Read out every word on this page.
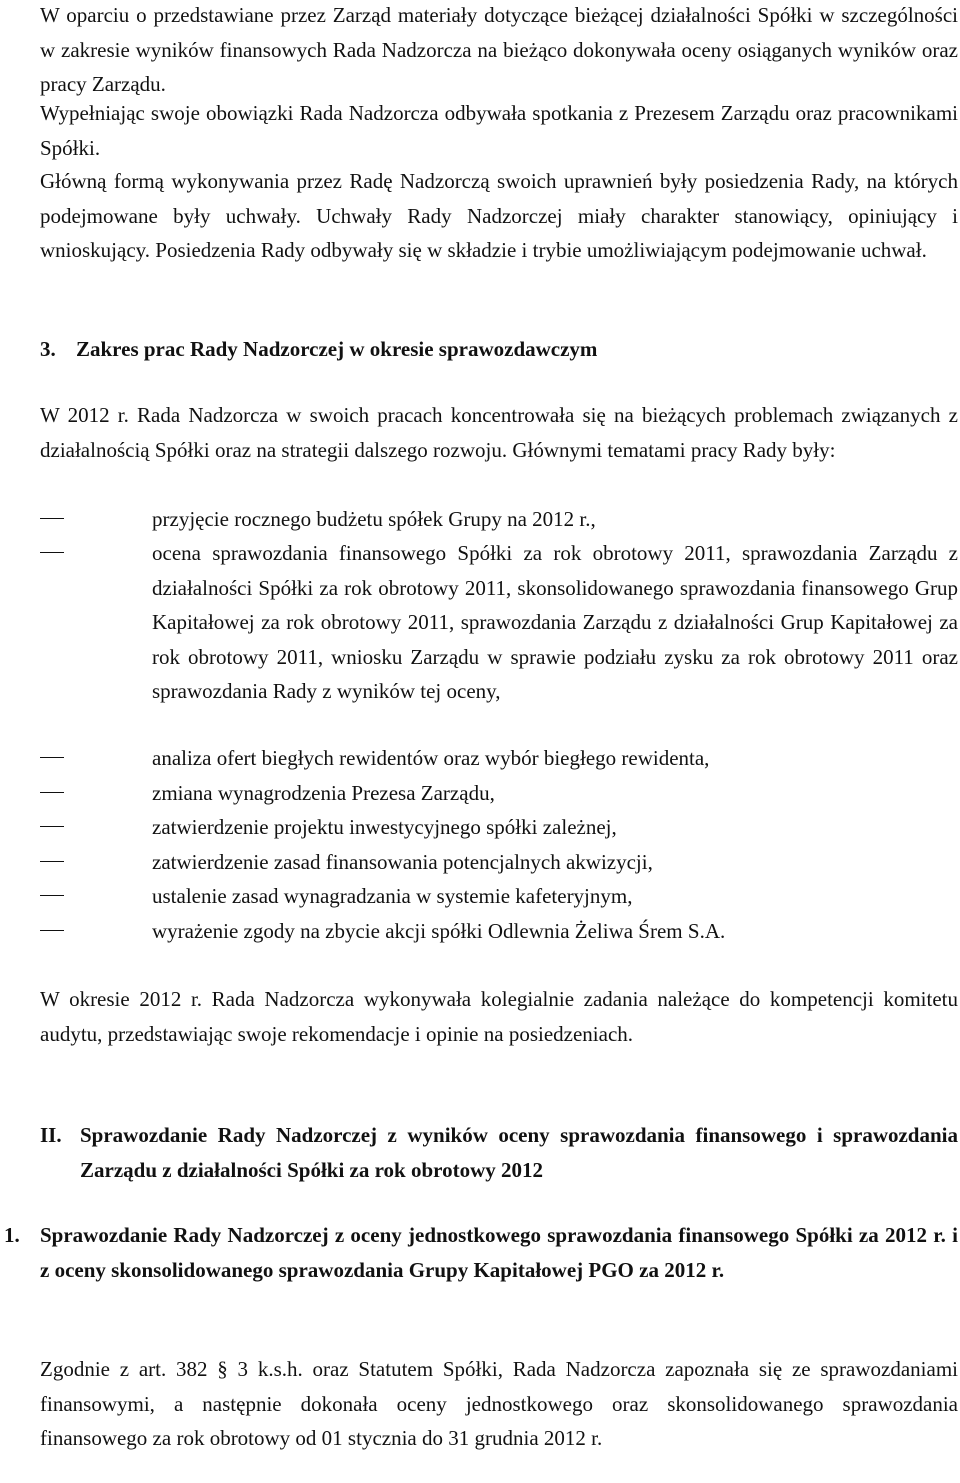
W oparciu o przedstawiane przez Zarząd materiały dotyczące bieżącej działalności Spółki w szczególności w zakresie wyników finansowych Rada Nadzorcza na bieżąco dokonywała oceny osiąganych wyników oraz pracy Zarządu.

Wypełniając swoje obowiązki Rada Nadzorcza odbywała spotkania z Prezesem Zarządu oraz pracownikami Spółki.

Główną formą wykonywania przez Radę Nadzorczą swoich uprawnień były posiedzenia Rady, na których podejmowane były uchwały. Uchwały Rady Nadzorczej miały charakter stanowiący, opiniujący i wnioskujący. Posiedzenia Rady odbywały się w składzie i trybie umożliwiającym podejmowanie uchwał.

3. Zakres prac Rady Nadzorczej w okresie sprawozdawczym

W 2012 r. Rada Nadzorcza w swoich pracach koncentrowała się na bieżących problemach związanych z działalnością Spółki oraz na strategii dalszego rozwoju. Głównymi tematami pracy Rady były:

przyjęcie rocznego budżetu spółek Grupy na 2012 r.,

ocena sprawozdania finansowego Spółki za rok obrotowy 2011, sprawozdania Zarządu z działalności Spółki za rok obrotowy 2011, skonsolidowanego sprawozdania finansowego Grup Kapitałowej za rok obrotowy 2011, sprawozdania Zarządu z działalności Grup Kapitałowej za rok obrotowy 2011, wniosku Zarządu w sprawie podziału zysku za rok obrotowy 2011 oraz sprawozdania Rady z wyników tej oceny,

analiza ofert biegłych rewidentów oraz wybór biegłego rewidenta,

zmiana wynagrodzenia Prezesa Zarządu,

zatwierdzenie projektu inwestycyjnego spółki zależnej,

zatwierdzenie zasad finansowania potencjalnych akwizycji,

ustalenie zasad wynagradzania w systemie kafeteryjnym,

wyrażenie zgody na zbycie akcji spółki Odlewnia Żeliwa Śrem S.A.

W okresie 2012 r. Rada Nadzorcza wykonywała kolegialnie zadania należące do kompetencji komitetu audytu, przedstawiając swoje rekomendacje i opinie na posiedzeniach.

II. Sprawozdanie Rady Nadzorczej z wyników oceny sprawozdania finansowego i sprawozdania Zarządu z działalności Spółki za rok obrotowy 2012

1. Sprawozdanie Rady Nadzorczej z oceny jednostkowego sprawozdania finansowego Spółki za 2012 r. i z oceny skonsolidowanego sprawozdania Grupy Kapitałowej PGO za 2012 r.

Zgodnie z art. 382 § 3 k.s.h. oraz Statutem Spółki, Rada Nadzorcza zapoznała się ze sprawozdaniami finansowymi, a następnie dokonała oceny jednostkowego oraz skonsolidowanego sprawozdania finansowego za rok obrotowy od 01 stycznia do 31 grudnia 2012 r.
